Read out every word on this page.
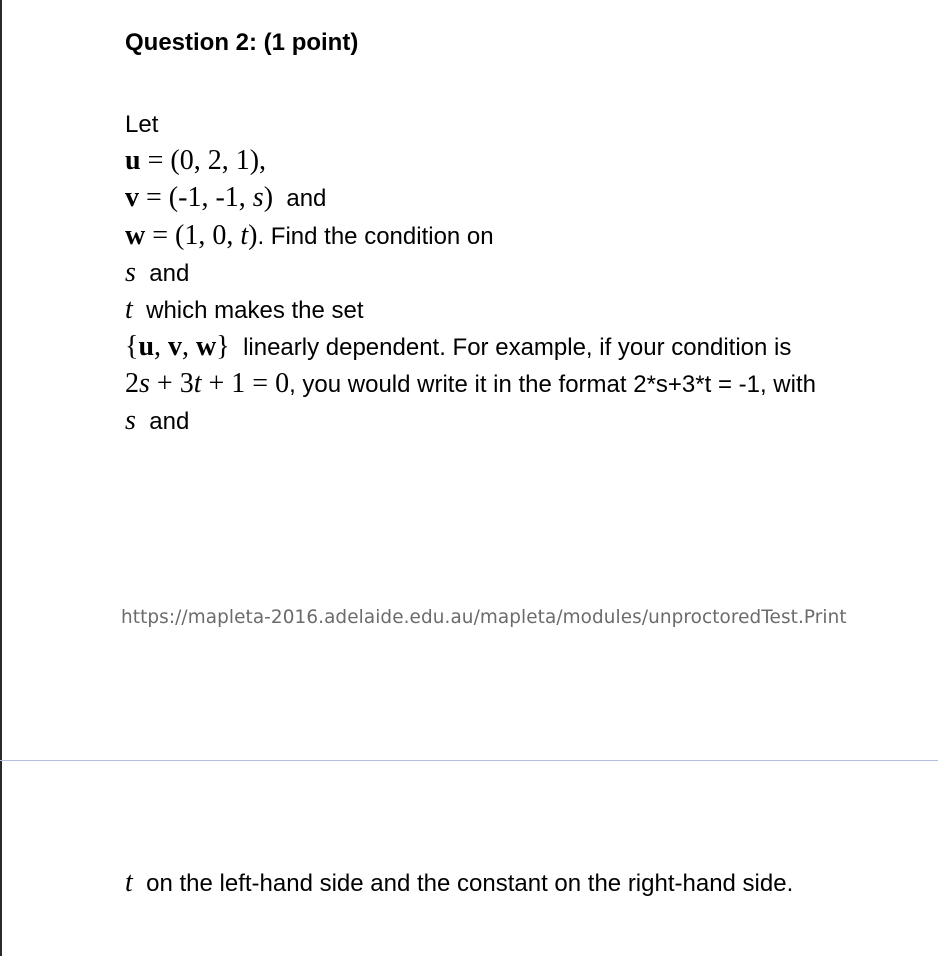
Question 2: (1 point)
Let
u = (0, 2, 1),
v = (-1, -1, s) and
w = (1, 0, t). Find the condition on
s and
t which makes the set
{u, v, w} linearly dependent. For example, if your condition is
2s + 3t + 1 = 0, you would write it in the format 2*s+3*t = -1, with
s and
https://mapleta-2016.adelaide.edu.au/mapleta/modules/unproctoredTest.Print
t on the left-hand side and the constant on the right-hand side.
